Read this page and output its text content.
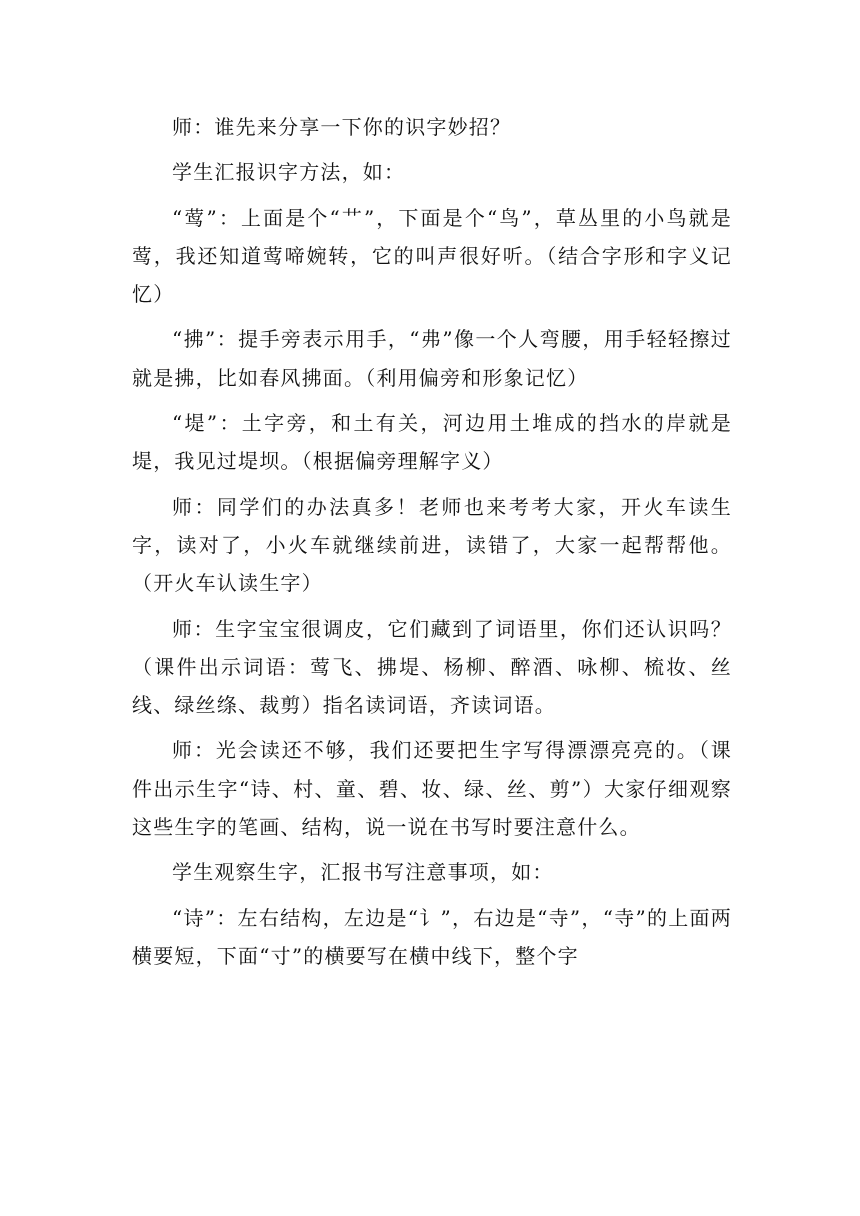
师：谁先来分享一下你的识字妙招？

学生汇报识字方法，如：

“莺”：上面是个“艹”，下面是个“鸟”，草丛里的小鸟就是莺，我还知道莺啼婉转，它的叫声很好听。（结合字形和字义记忆）

“拂”：提手旁表示用手，“弗”像一个人弯腰，用手轻轻擦过就是拂，比如春风拂面。（利用偏旁和形象记忆）

“堤”：土字旁，和土有关，河边用土堆成的挡水的岸就是堤，我见过堤坝。（根据偏旁理解字义）

师：同学们的办法真多！老师也来考考大家，开火车读生字，读对了，小火车就继续前进，读错了，大家一起帮帮他。（开火车认读生字）

师：生字宝宝很调皮，它们藏到了词语里，你们还认识吗？（课件出示词语：莺飞、拂堤、杨柳、醉酒、咏柳、梳妆、丝线、绿丝绦、裁剪）指名读词语，齐读词语。

师：光会读还不够，我们还要把生字写得漂漂亮亮的。（课件出示生字“诗、村、童、碧、妆、绿、丝、剪”）大家仔细观察这些生字的笔画、结构，说一说在书写时要注意什么。

学生观察生字，汇报书写注意事项，如：

“诗”：左右结构，左边是“讠”，右边是“寺”，“寺”的上面两横要短，下面“寸”的横要写在横中线下，整个字
